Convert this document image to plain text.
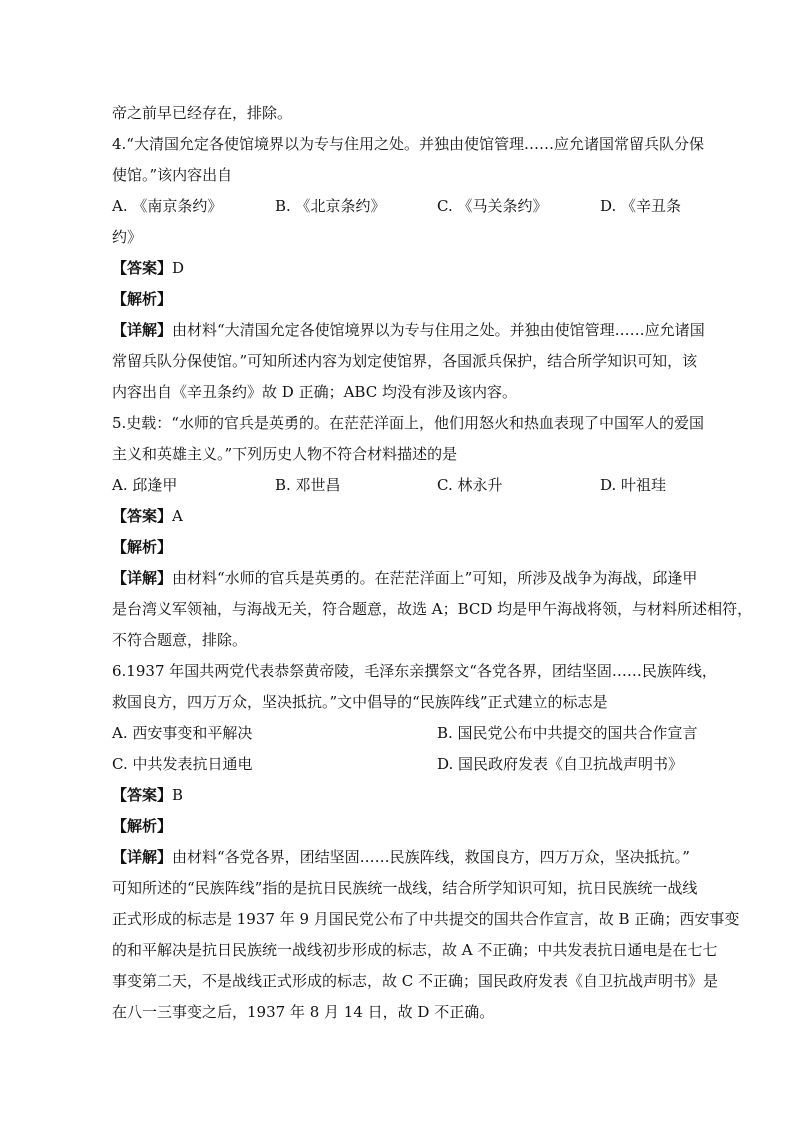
帝之前早已经存在，排除。
4.“大清国允定各使馆境界以为专与住用之处。并独由使馆管理……应允诸国常留兵队分保
使馆。”该内容出自
A. 《南京条约》	B. 《北京条约》	C. 《马关条约》	D. 《辛丑条
约》
【答案】D
【解析】
【详解】由材料“大清国允定各使馆境界以为专与住用之处。并独由使馆管理……应允诸国
常留兵队分保使馆。”可知所述内容为划定使馆界，各国派兵保护，结合所学知识可知，该
内容出自《辛丑条约》故 D 正确；ABC 均没有涉及该内容。
5.史载：“水师的官兵是英勇的。在茫茫洋面上，他们用怒火和热血表现了中国军人的爱国
主义和英雄主义。”下列历史人物不符合材料描述的是
A. 邱逢甲	B. 邓世昌	C. 林永升	D. 叶祖珪
【答案】A
【解析】
【详解】由材料“水师的官兵是英勇的。在茫茫洋面上”可知，所涉及战争为海战，邱逢甲
是台湾义军领袖，与海战无关，符合题意，故选 A；BCD 均是甲午海战将领，与材料所述相符，
不符合题意，排除。
6.1937 年国共两党代表恭祭黄帝陵，毛泽东亲撰祭文“各党各界，团结坚固……民族阵线，
救国良方，四万万众，坚决抵抗。”文中倡导的“民族阵线”正式建立的标志是
A. 西安事变和平解决	B. 国民党公布中共提交的国共合作宣言
C. 中共发表抗日通电	D. 国民政府发表《自卫抗战声明书》
【答案】B
【解析】
【详解】由材料“各党各界，团结坚固……民族阵线，救国良方，四万万众，坚决抵抗。”
可知所述的“民族阵线”指的是抗日民族统一战线，结合所学知识可知，抗日民族统一战线
正式形成的标志是 1937 年 9 月国民党公布了中共提交的国共合作宣言，故 B 正确；西安事变
的和平解决是抗日民族统一战线初步形成的标志，故 A 不正确；中共发表抗日通电是在七七
事变第二天，不是战线正式形成的标志，故 C 不正确；国民政府发表《自卫抗战声明书》是
在八一三事变之后，1937 年 8 月 14 日，故 D 不正确。
